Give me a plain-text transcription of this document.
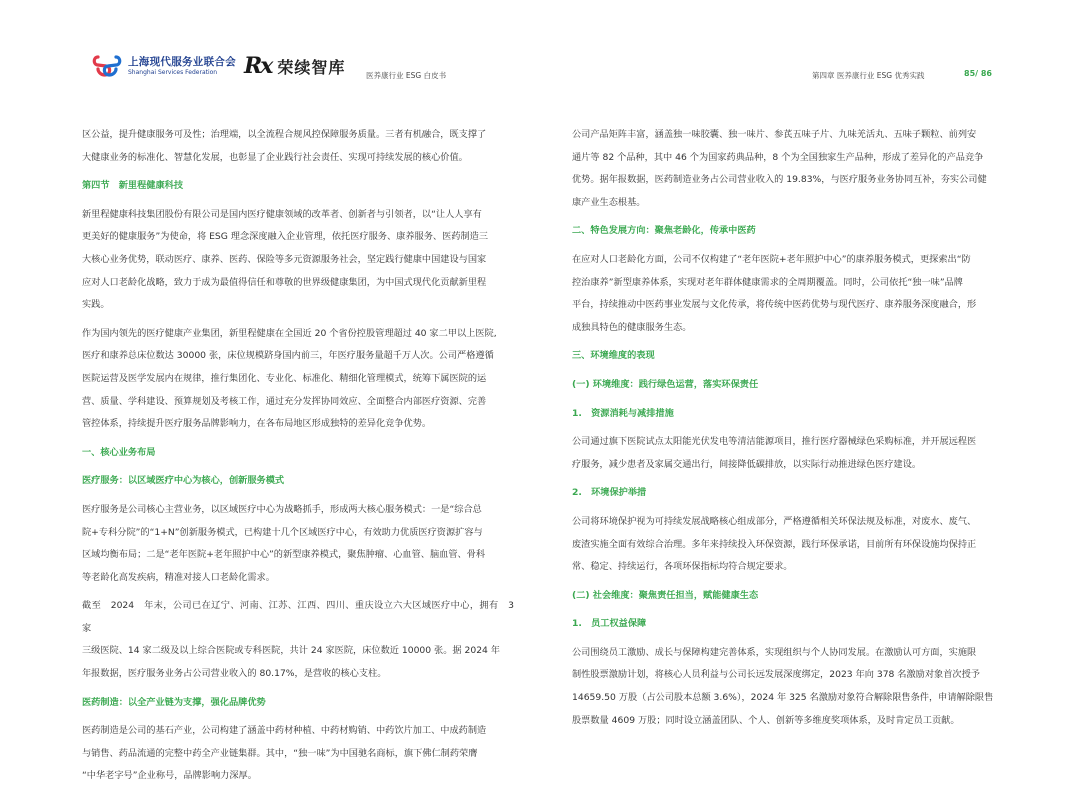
上海现代服务业联合会
Shanghai Services Federation	Rx 荣续智库	医养康行业 ESG 白皮书	第四章 医养康行业 ESG 优秀实践	85/ 86
区公益，提升健康服务可及性；治理端，以全流程合规风控保障服务质量。三者有机融合，既支撑了
大健康业务的标准化、智慧化发展，也彰显了企业践行社会责任、实现可持续发展的核心价值。
第四节　新里程健康科技
新里程健康科技集团股份有限公司是国内医疗健康领域的改革者、创新者与引领者，以“让人人享有
更美好的健康服务”为使命，将 ESG 理念深度融入企业管理，依托医疗服务、康养服务、医药制造三
大核心业务优势，联动医疗、康养、医药、保险等多元资源服务社会，坚定践行健康中国建设与国家
应对人口老龄化战略，致力于成为最值得信任和尊敬的世界级健康集团，为中国式现代化贡献新里程
实践。
作为国内领先的医疗健康产业集团，新里程健康在全国近 20 个省份控股管理超过 40 家二甲以上医院,
医疗和康养总床位数达 30000 张，床位规模跻身国内前三，年医疗服务量超千万人次。公司严格遵循
医院运营及医学发展内在规律，推行集团化、专业化、标准化、精细化管理模式，统筹下属医院的运
营、质量、学科建设、预算规划及考核工作，通过充分发挥协同效应、全面整合内部医疗资源、完善
管控体系，持续提升医疗服务品牌影响力，在各布局地区形成独特的差异化竞争优势。
一、核心业务布局
医疗服务：以区域医疗中心为核心，创新服务模式
医疗服务是公司核心主营业务，以区域医疗中心为战略抓手，形成两大核心服务模式：一是“综合总
院+专科分院”的“1+N”创新服务模式，已构建十几个区域医疗中心，有效助力优质医疗资源扩容与
区域均衡布局；二是“老年医院+老年照护中心”的新型康养模式，聚焦肿瘤、心血管、脑血管、骨科
等老龄化高发疾病，精准对接人口老龄化需求。
截至　2024　年末，公司已在辽宁、河南、江苏、江西、四川、重庆设立六大区域医疗中心，拥有　3　家
三级医院、14 家二级及以上综合医院或专科医院，共计 24 家医院，床位数近 10000 张。据 2024 年
年报数据，医疗服务业务占公司营业收入的 80.17%，是营收的核心支柱。
医药制造：以全产业链为支撑，强化品牌优势
医药制造是公司的基石产业，公司构建了涵盖中药材种植、中药材购销、中药饮片加工、中成药制造
与销售、药品流通的完整中药全产业链集群。其中，“独一味”为中国驰名商标，旗下佛仁制药荣膺
“中华老字号”企业称号，品牌影响力深厚。
公司产品矩阵丰富，涵盖独一味胶囊、独一味片、参芪五味子片、九味羌活丸、五味子颗粒、前列安
通片等 82 个品种，其中 46 个为国家药典品种，8 个为全国独家生产品种，形成了差异化的产品竞争
优势。据年报数据，医药制造业务占公司营业收入的 19.83%，与医疗服务业务协同互补，夯实公司健
康产业生态根基。
二、特色发展方向：聚焦老龄化，传承中医药
在应对人口老龄化方面，公司不仅构建了“老年医院+老年照护中心”的康养服务模式，更探索出“防
控治康养”新型康养体系，实现对老年群体健康需求的全周期覆盖。同时，公司依托“独一味”品牌
平台，持续推动中医药事业发展与文化传承，将传统中医药优势与现代医疗、康养服务深度融合，形
成独具特色的健康服务生态。
三、环境维度的表现
(一) 环境维度：践行绿色运营，落实环保责任
1.　资源消耗与减排措施
公司通过旗下医院试点太阳能光伏发电等清洁能源项目，推行医疗器械绿色采购标准，并开展远程医
疗服务，减少患者及家属交通出行，间接降低碳排放，以实际行动推进绿色医疗建设。
2.　环境保护举措
公司将环境保护视为可持续发展战略核心组成部分，严格遵循相关环保法规及标准，对废水、废气、
废渣实施全面有效综合治理。多年来持续投入环保资源，践行环保承诺，目前所有环保设施均保持正
常、稳定、持续运行，各项环保指标均符合规定要求。
(二) 社会维度：聚焦责任担当，赋能健康生态
1.　员工权益保障
公司围绕员工激励、成长与保障构建完善体系，实现组织与个人协同发展。在激励认可方面，实施限
制性股票激励计划，将核心人员利益与公司长远发展深度绑定，2023 年向 378 名激励对象首次授予
14659.50 万股（占公司股本总额 3.6%），2024 年 325 名激励对象符合解除限售条件，申请解除限售
股票数量 4609 万股；同时设立涵盖团队、个人、创新等多维度奖项体系，及时肯定员工贡献。
